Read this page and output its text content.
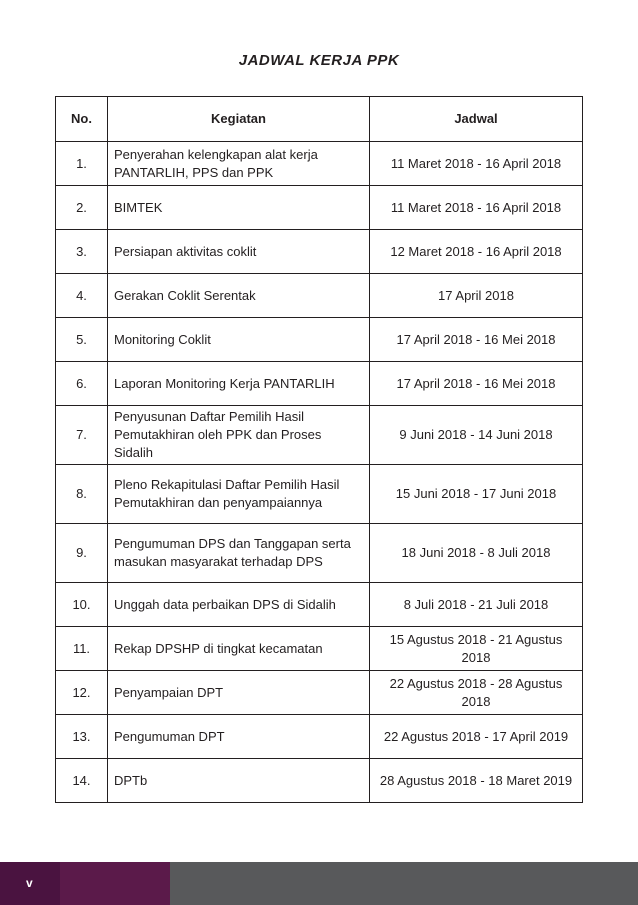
JADWAL KERJA PPK
No.	Kegiatan	Jadwal
1.	Penyerahan kelengkapan alat kerja PANTARLIH, PPS dan PPK	11 Maret 2018 - 16 April 2018
2.	BIMTEK	11 Maret 2018 - 16 April 2018
3.	Persiapan aktivitas coklit	12 Maret 2018 - 16 April 2018
4.	Gerakan Coklit Serentak	17 April 2018
5.	Monitoring Coklit	17 April 2018 - 16 Mei 2018
6.	Laporan Monitoring Kerja PANTARLIH	17 April 2018 - 16 Mei 2018
7.	Penyusunan Daftar Pemilih Hasil Pemutakhiran oleh PPK dan Proses Sidalih	9 Juni 2018 - 14 Juni 2018
8.	Pleno Rekapitulasi Daftar Pemilih Hasil Pemutakhiran dan penyampaiannya	15 Juni 2018 - 17 Juni 2018
9.	Pengumuman DPS dan Tanggapan serta masukan masyarakat terhadap DPS	18 Juni 2018 - 8 Juli 2018
10.	Unggah data perbaikan DPS di Sidalih	8 Juli 2018 - 21 Juli 2018
11.	Rekap DPSHP di tingkat kecamatan	15 Agustus 2018 - 21 Agustus 2018
12.	Penyampaian DPT	22 Agustus 2018 - 28 Agustus 2018
13.	Pengumuman DPT	22 Agustus 2018 - 17 April 2019
14.	DPTb	28 Agustus 2018 - 18 Maret 2019
v
